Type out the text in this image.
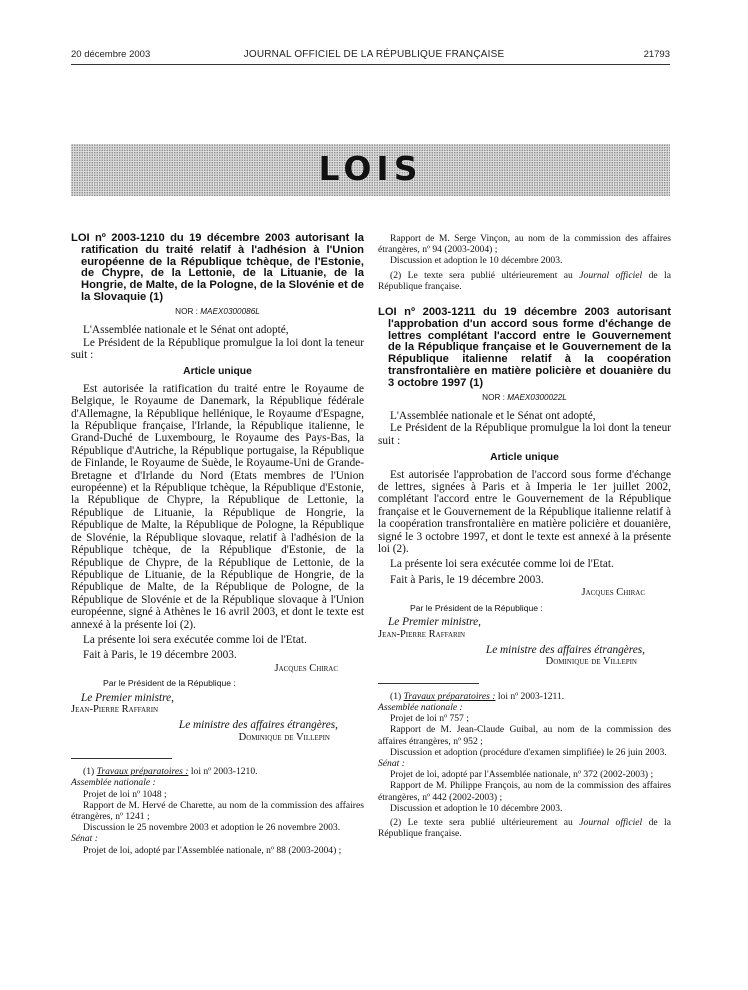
20 décembre 2003	JOURNAL OFFICIEL DE LA RÉPUBLIQUE FRANÇAISE	21793
LOIS
LOI nº 2003-1210 du 19 décembre 2003 autorisant la ratification du traité relatif à l'adhésion à l'Union européenne de la République tchèque, de l'Estonie, de Chypre, de la Lettonie, de la Lituanie, de la Hongrie, de Malte, de la Pologne, de la Slovénie et de la Slovaquie (1)
NOR : MAEX0300086L

L'Assemblée nationale et le Sénat ont adopté,

Le Président de la République promulgue la loi dont la teneur suit :

Article unique

Est autorisée la ratification du traité entre le Royaume de Belgique, le Royaume de Danemark, la République fédérale d'Allemagne, la République hellénique, le Royaume d'Espagne, la République française, l'Irlande, la République italienne, le Grand-Duché de Luxembourg, le Royaume des Pays-Bas, la République d'Autriche, la République portugaise, la République de Finlande, le Royaume de Suède, le Royaume-Uni de Grande-Bretagne et d'Irlande du Nord (Etats membres de l'Union européenne) et la République tchèque, la République d'Estonie, la République de Chypre, la République de Lettonie, la République de Lituanie, la République de Hongrie, la République de Malte, la République de Pologne, la République de Slovénie, la République slovaque, relatif à l'adhésion de la République tchèque, de la République d'Estonie, de la République de Chypre, de la République de Lettonie, de la République de Lituanie, de la République de Hongrie, de la République de Malte, de la République de Pologne, de la République de Slovénie et de la République slovaque à l'Union européenne, signé à Athènes le 16 avril 2003, et dont le texte est annexé à la présente loi (2).

La présente loi sera exécutée comme loi de l'Etat.

Fait à Paris, le 19 décembre 2003.

Jacques Chirac
Par le Président de la République :
Le Premier ministre,
Jean-Pierre Raffarin
Le ministre des affaires étrangères,
Dominique de Villepin

(1) Travaux préparatoires : loi nº 2003-1210.

Assemblée nationale :

Projet de loi nº 1048 ;

Rapport de M. Hervé de Charette, au nom de la commission des affaires étrangères, nº 1241 ;

Discussion le 25 novembre 2003 et adoption le 26 novembre 2003.

Sénat :

Projet de loi, adopté par l'Assemblée nationale, nº 88 (2003-2004) ;

Rapport de M. Serge Vinçon, au nom de la commission des affaires étrangères, nº 94 (2003-2004) ;

Discussion et adoption le 10 décembre 2003.

(2) Le texte sera publié ultérieurement au Journal officiel de la République française.

LOI nº 2003-1211 du 19 décembre 2003 autorisant l'approbation d'un accord sous forme d'échange de lettres complétant l'accord entre le Gouvernement de la République française et le Gouvernement de la République italienne relatif à la coopération transfrontalière en matière policière et douanière du 3 octobre 1997 (1)
NOR : MAEX0300022L

L'Assemblée nationale et le Sénat ont adopté,

Le Président de la République promulgue la loi dont la teneur suit :

Article unique

Est autorisée l'approbation de l'accord sous forme d'échange de lettres, signées à Paris et à Imperia le 1er juillet 2002, complétant l'accord entre le Gouvernement de la République française et le Gouvernement de la République italienne relatif à la coopération transfrontalière en matière policière et douanière, signé le 3 octobre 1997, et dont le texte est annexé à la présente loi (2).

La présente loi sera exécutée comme loi de l'Etat.

Fait à Paris, le 19 décembre 2003.

Jacques Chirac
Par le Président de la République :
Le Premier ministre,
Jean-Pierre Raffarin
Le ministre des affaires étrangères,
Dominique de Villepin

(1) Travaux préparatoires : loi nº 2003-1211.

Assemblée nationale :

Projet de loi nº 757 ;

Rapport de M. Jean-Claude Guibal, au nom de la commission des affaires étrangères, nº 952 ;

Discussion et adoption (procédure d'examen simplifiée) le 26 juin 2003.

Sénat :

Projet de loi, adopté par l'Assemblée nationale, nº 372 (2002-2003) ;

Rapport de M. Philippe François, au nom de la commission des affaires étrangères, nº 442 (2002-2003) ;

Discussion et adoption le 10 décembre 2003.

(2) Le texte sera publié ultérieurement au Journal officiel de la République française.
